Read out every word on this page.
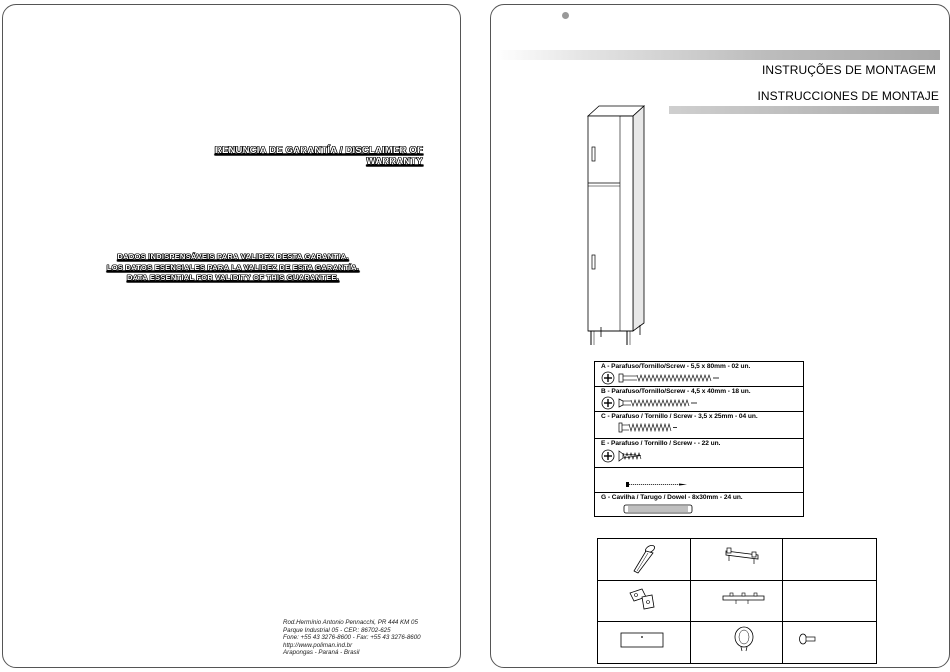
RENUNCIA DE GARANTÍA / DISCLAIMER OF WARRANTY
DADOS INDISPENSÁVEIS PARA VALIDEZ DESTA GARANTIA.
LOS DATOS ESENCIALES PARA LA VALIDEZ DE ESTA GARANTÍA.
DATA ESSENTIAL FOR VALIDITY OF THIS GUARANTEE.
Rod.Hermínio Antonio Pennacchi, PR 444 KM 05
Parque Industrial 05 - CEP.: 86702-625
Fone: +55 43 3276-8600 - Fax: +55 43 3276-8600
http://www.poliman.ind.br
Arapongas - Paraná - Brasil
INSTRUÇÕES DE MONTAGEM
INSTRUCCIONES DE MONTAJE
A - Parafuso/Tornillo/Screw - 5,5 x 80mm - 02 un.
B - Parafuso/Tornillo/Screw - 4,5 x 40mm - 18 un.
C - Parafuso / Tornillo / Screw - 3,5 x 25mm - 04 un.
E - Parafuso / Tornillo / Screw - - 22 un.
G - Cavilha / Tarugo / Dowel - 8x30mm - 24 un.
